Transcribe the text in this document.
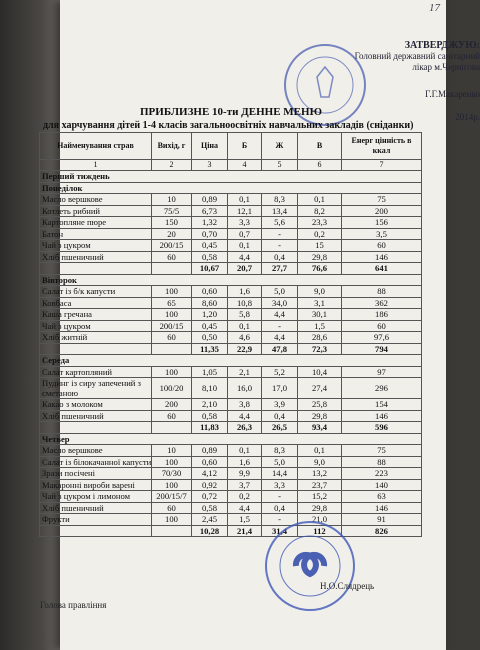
17
ЗАТВЕРДЖУЮ:
Головний державний санітарний
лікар м.Чернігова
Г.Г.Макаренко
2014р.
ПРИБЛИЗНЕ 10-ти ДЕННЕ МЕНЮ
для харчування дітей 1-4 класів загальноосвітніх навчальних закладів (сніданки)
Найменування страв	Вихід, г	Ціна	Б	Ж	В	Енерг цінність в ккал
1	2	3	4	5	6	7
Перший тиждень						
Понеділок						
Масло вершкове	10	0,89	0,1	8,3	0,1	75
Котлеть рибний	75/5	6,73	12,1	13,4	8,2	200
Картопляне пюре	150	1,32	3,3	5,6	23,3	156
Батон	20	0,70	0,7	-	0,2	3,5
Чай з цукром	200/15	0,45	0,1	-	15	60
Хліб пшеничний	60	0,58	4,4	0,4	29,8	146
		10,67	20,7	27,7	76,6	641
Вівторок						
Салат із б/к капусти	100	0,60	1,6	5,0	9,0	88
Ковбаса	65	8,60	10,8	34,0	3,1	362
Каша гречана	100	1,20	5,8	4,4	30,1	186
Чай з цукром	200/15	0,45	0,1	-	1,5	60
Хліб житній	60	0,50	4,6	4,4	28,6	97,6
		11,35	22,9	47,8	72,3	794
Середа						
Салат картопляний	100	1,05	2,1	5,2	10,4	97
Пудинг із сиру запечений з сметаною	100/20	8,10	16,0	17,0	27,4	296
Какао з молоком	200	2,10	3,8	3,9	25,8	154
Хліб пшеничний	60	0,58	4,4	0,4	29,8	146
		11,83	26,3	26,5	93,4	596
Четвер						
Масло вершкове	10	0,89	0,1	8,3	0,1	75
Салат із білокачанної капусти	100	0,60	1,6	5,0	9,0	88
Зрази посічені	70/30	4,12	9,9	14,4	13,2	223
Макаронні вироби варені	100	0,92	3,7	3,3	23,7	140
Чай з цукром і лимоном	200/15/7	0,72	0,2	-	15,2	63
Хліб пшеничний	60	0,58	4,4	0,4	29,8	146
Фрукти	100	2,45	1,5	-	21,0	91
		10,28	21,4	31,4	112	826
Н.О.Слядрець
Голова правління
